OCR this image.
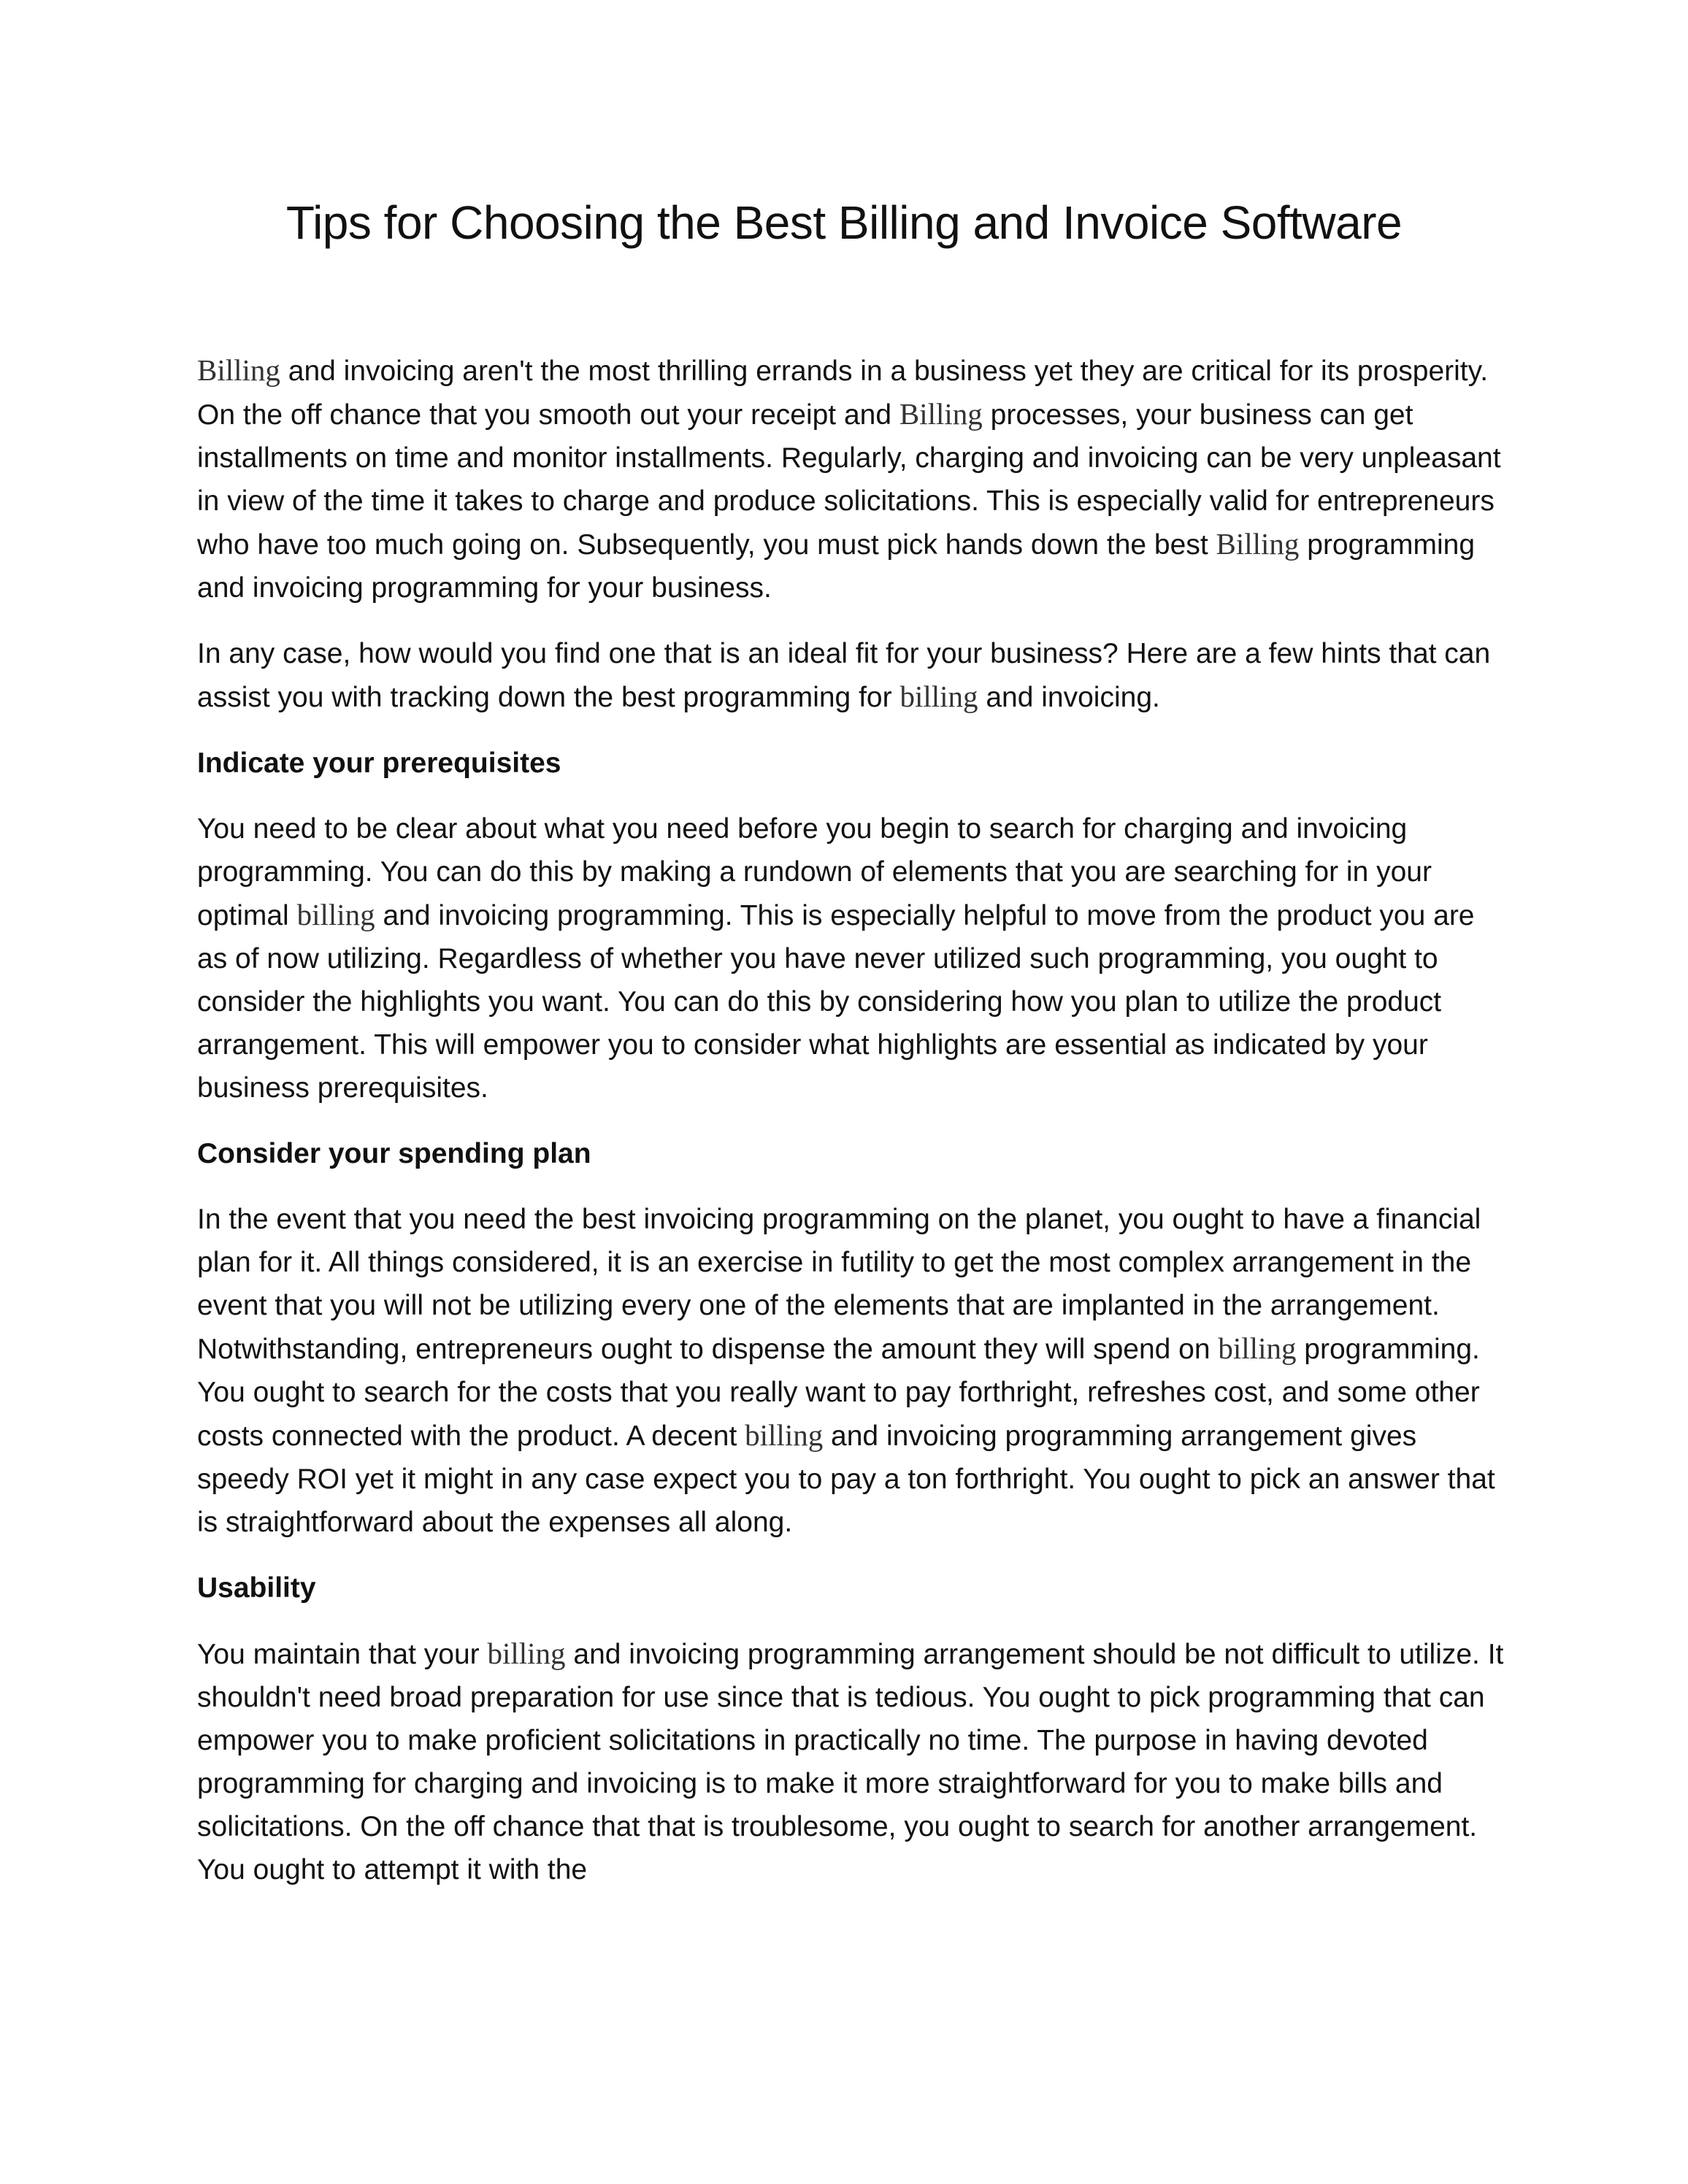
Tips for Choosing the Best Billing and Invoice Software

Billing and invoicing aren't the most thrilling errands in a business yet they are critical for its prosperity. On the off chance that you smooth out your receipt and Billing processes, your business can get installments on time and monitor installments. Regularly, charging and invoicing can be very unpleasant in view of the time it takes to charge and produce solicitations. This is especially valid for entrepreneurs who have too much going on. Subsequently, you must pick hands down the best Billing programming and invoicing programming for your business.

In any case, how would you find one that is an ideal fit for your business? Here are a few hints that can assist you with tracking down the best programming for billing and invoicing.

Indicate your prerequisites

You need to be clear about what you need before you begin to search for charging and invoicing programming. You can do this by making a rundown of elements that you are searching for in your optimal billing and invoicing programming. This is especially helpful to move from the product you are as of now utilizing. Regardless of whether you have never utilized such programming, you ought to consider the highlights you want. You can do this by considering how you plan to utilize the product arrangement. This will empower you to consider what highlights are essential as indicated by your business prerequisites.

Consider your spending plan

In the event that you need the best invoicing programming on the planet, you ought to have a financial plan for it. All things considered, it is an exercise in futility to get the most complex arrangement in the event that you will not be utilizing every one of the elements that are implanted in the arrangement. Notwithstanding, entrepreneurs ought to dispense the amount they will spend on billing programming. You ought to search for the costs that you really want to pay forthright, refreshes cost, and some other costs connected with the product. A decent billing and invoicing programming arrangement gives speedy ROI yet it might in any case expect you to pay a ton forthright. You ought to pick an answer that is straightforward about the expenses all along.

Usability

You maintain that your billing and invoicing programming arrangement should be not difficult to utilize. It shouldn't need broad preparation for use since that is tedious. You ought to pick programming that can empower you to make proficient solicitations in practically no time. The purpose in having devoted programming for charging and invoicing is to make it more straightforward for you to make bills and solicitations. On the off chance that that is troublesome, you ought to search for another arrangement. You ought to attempt it with the
